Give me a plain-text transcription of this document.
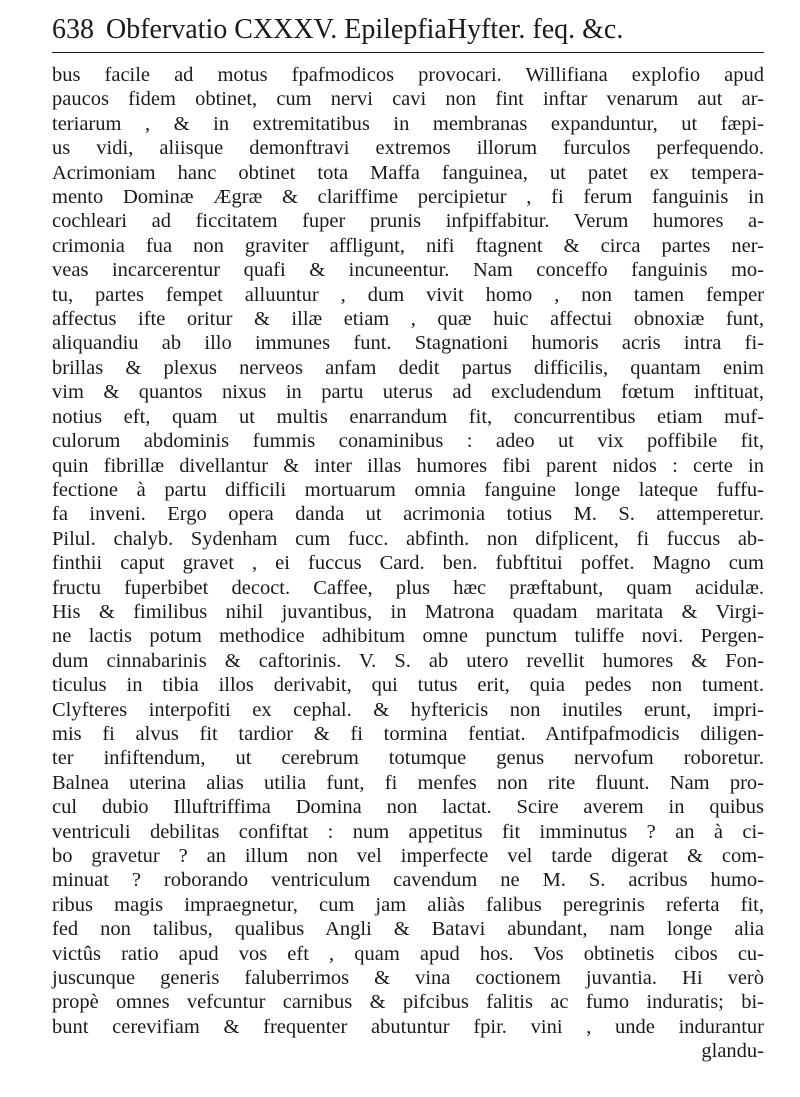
638 Obfervatio CXXXV. EpilepfiaHyfter. feq. &c.
bus facile ad motus fpafmodicos provocari. Willifiana explofio apud
paucos fidem obtinet, cum nervi cavi non fint inftar venarum aut ar-
teriarum , & in extremitatibus in membranas expanduntur, ut fæpi-
us vidi, aliisque demonftravi extremos illorum furculos perfequendo.
Acrimoniam hanc obtinet tota Maffa fanguinea, ut patet ex tempera-
mento Dominæ Ægræ & clariffime percipietur , fi ferum fanguinis in
cochleari ad ficcitatem fuper prunis infpiffabitur. Verum humores a-
crimonia fua non graviter affligunt, nifi ftagnent & circa partes ner-
veas incarcerentur quafi & incuneentur. Nam conceffo fanguinis mo-
tu, partes fempet alluuntur , dum vivit homo , non tamen femper
affectus ifte oritur & illæ etiam , quæ huic affectui obnoxiæ funt,
aliquandiu ab illo immunes funt. Stagnationi humoris acris intra fi-
brillas & plexus nerveos anfam dedit partus difficilis, quantam enim
vim & quantos nixus in partu uterus ad excludendum fœtum inftituat,
notius eft, quam ut multis enarrandum fit, concurrentibus etiam muf-
culorum abdominis fummis conaminibus : adeo ut vix poffibile fit,
quin fibrillæ divellantur & inter illas humores fibi parent nidos : certe in
fectione à partu difficili mortuarum omnia fanguine longe lateque fuffu-
fa inveni. Ergo opera danda ut acrimonia totius M. S. attemperetur.
Pilul. chalyb. Sydenham cum fucc. abfinth. non difplicent, fi fuccus ab-
finthii caput gravet , ei fuccus Card. ben. fubftitui poffet. Magno cum
fructu fuperbibet decoct. Caffee, plus hæc præftabunt, quam acidulæ.
His & fimilibus nihil juvantibus, in Matrona quadam maritata & Virgi-
ne lactis potum methodice adhibitum omne punctum tuliffe novi. Pergen-
dum cinnabarinis & caftorinis. V. S. ab utero revellit humores & Fon-
ticulus in tibia illos derivabit, qui tutus erit, quia pedes non tument.
Clyfteres interpofiti ex cephal. & hyftericis non inutiles erunt, impri-
mis fi alvus fit tardior & fi tormina fentiat. Antifpafmodicis diligen-
ter infiftendum, ut cerebrum totumque genus nervofum roboretur.
Balnea uterina alias utilia funt, fi menfes non rite fluunt. Nam pro-
cul dubio Illuftriffima Domina non lactat. Scire averem in quibus
ventriculi debilitas confiftat : num appetitus fit imminutus ? an à ci-
bo gravetur ? an illum non vel imperfecte vel tarde digerat & com-
minuat ? roborando ventriculum cavendum ne M. S. acribus humo-
ribus magis impraegnetur, cum jam aliàs falibus peregrinis referta fit,
fed non talibus, qualibus Angli & Batavi abundant, nam longe alia
victûs ratio apud vos eft , quam apud hos. Vos obtinetis cibos cu-
juscunque generis faluberrimos & vina coctionem juvantia. Hi verò
propè omnes vefcuntur carnibus & pifcibus falitis ac fumo induratis; bi-
bunt cerevifiam & frequenter abutuntur fpir. vini , unde indurantur
glandu-
